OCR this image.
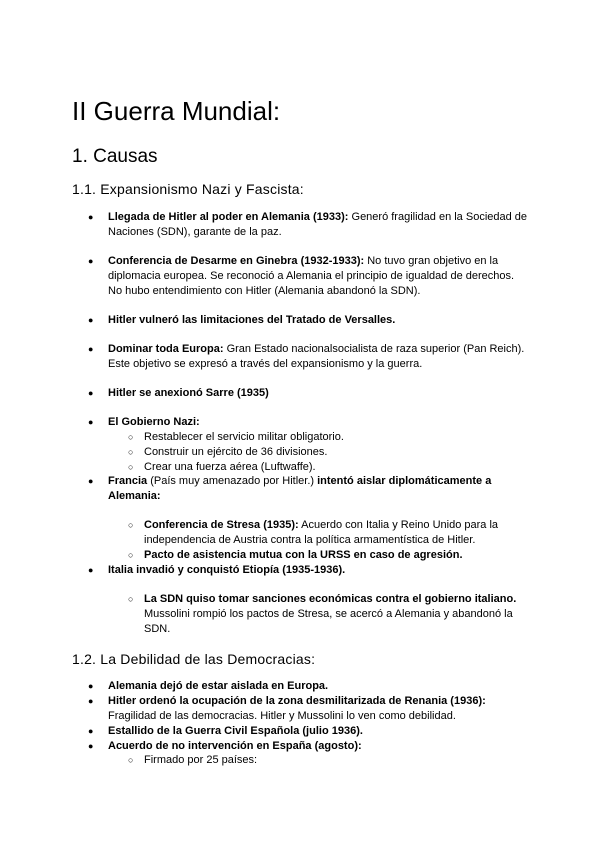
II Guerra Mundial:
1. Causas
1.1. Expansionismo Nazi y Fascista:
● Llegada de Hitler al poder en Alemania (1933): Generó fragilidad en la Sociedad de Naciones (SDN), garante de la paz.
● Conferencia de Desarme en Ginebra (1932-1933): No tuvo gran objetivo en la diplomacia europea. Se reconoció a Alemania el principio de igualdad de derechos. No hubo entendimiento con Hitler (Alemania abandonó la SDN).
● Hitler vulneró las limitaciones del Tratado de Versalles.
● Dominar toda Europa: Gran Estado nacionalsocialista de raza superior (Pan Reich). Este objetivo se expresó a través del expansionismo y la guerra.
● Hitler se anexionó Sarre (1935)
● El Gobierno Nazi:
○ Restablecer el servicio militar obligatorio.
○ Construir un ejército de 36 divisiones.
○ Crear una fuerza aérea (Luftwaffe).
● Francia (País muy amenazado por Hitler.) intentó aislar diplomáticamente a Alemania:
○ Conferencia de Stresa (1935): Acuerdo con Italia y Reino Unido para la independencia de Austria contra la política armamentística de Hitler.
○ Pacto de asistencia mutua con la URSS en caso de agresión.
● Italia invadió y conquistó Etiopía (1935-1936).
○ La SDN quiso tomar sanciones económicas contra el gobierno italiano. Mussolini rompió los pactos de Stresa, se acercó a Alemania y abandonó la SDN.
1.2. La Debilidad de las Democracias:
● Alemania dejó de estar aislada en Europa.
● Hitler ordenó la ocupación de la zona desmilitarizada de Renania (1936): Fragilidad de las democracias. Hitler y Mussolini lo ven como debilidad.
● Estallido de la Guerra Civil Española (julio 1936).
● Acuerdo de no intervención en España (agosto):
○ Firmado por 25 países:
